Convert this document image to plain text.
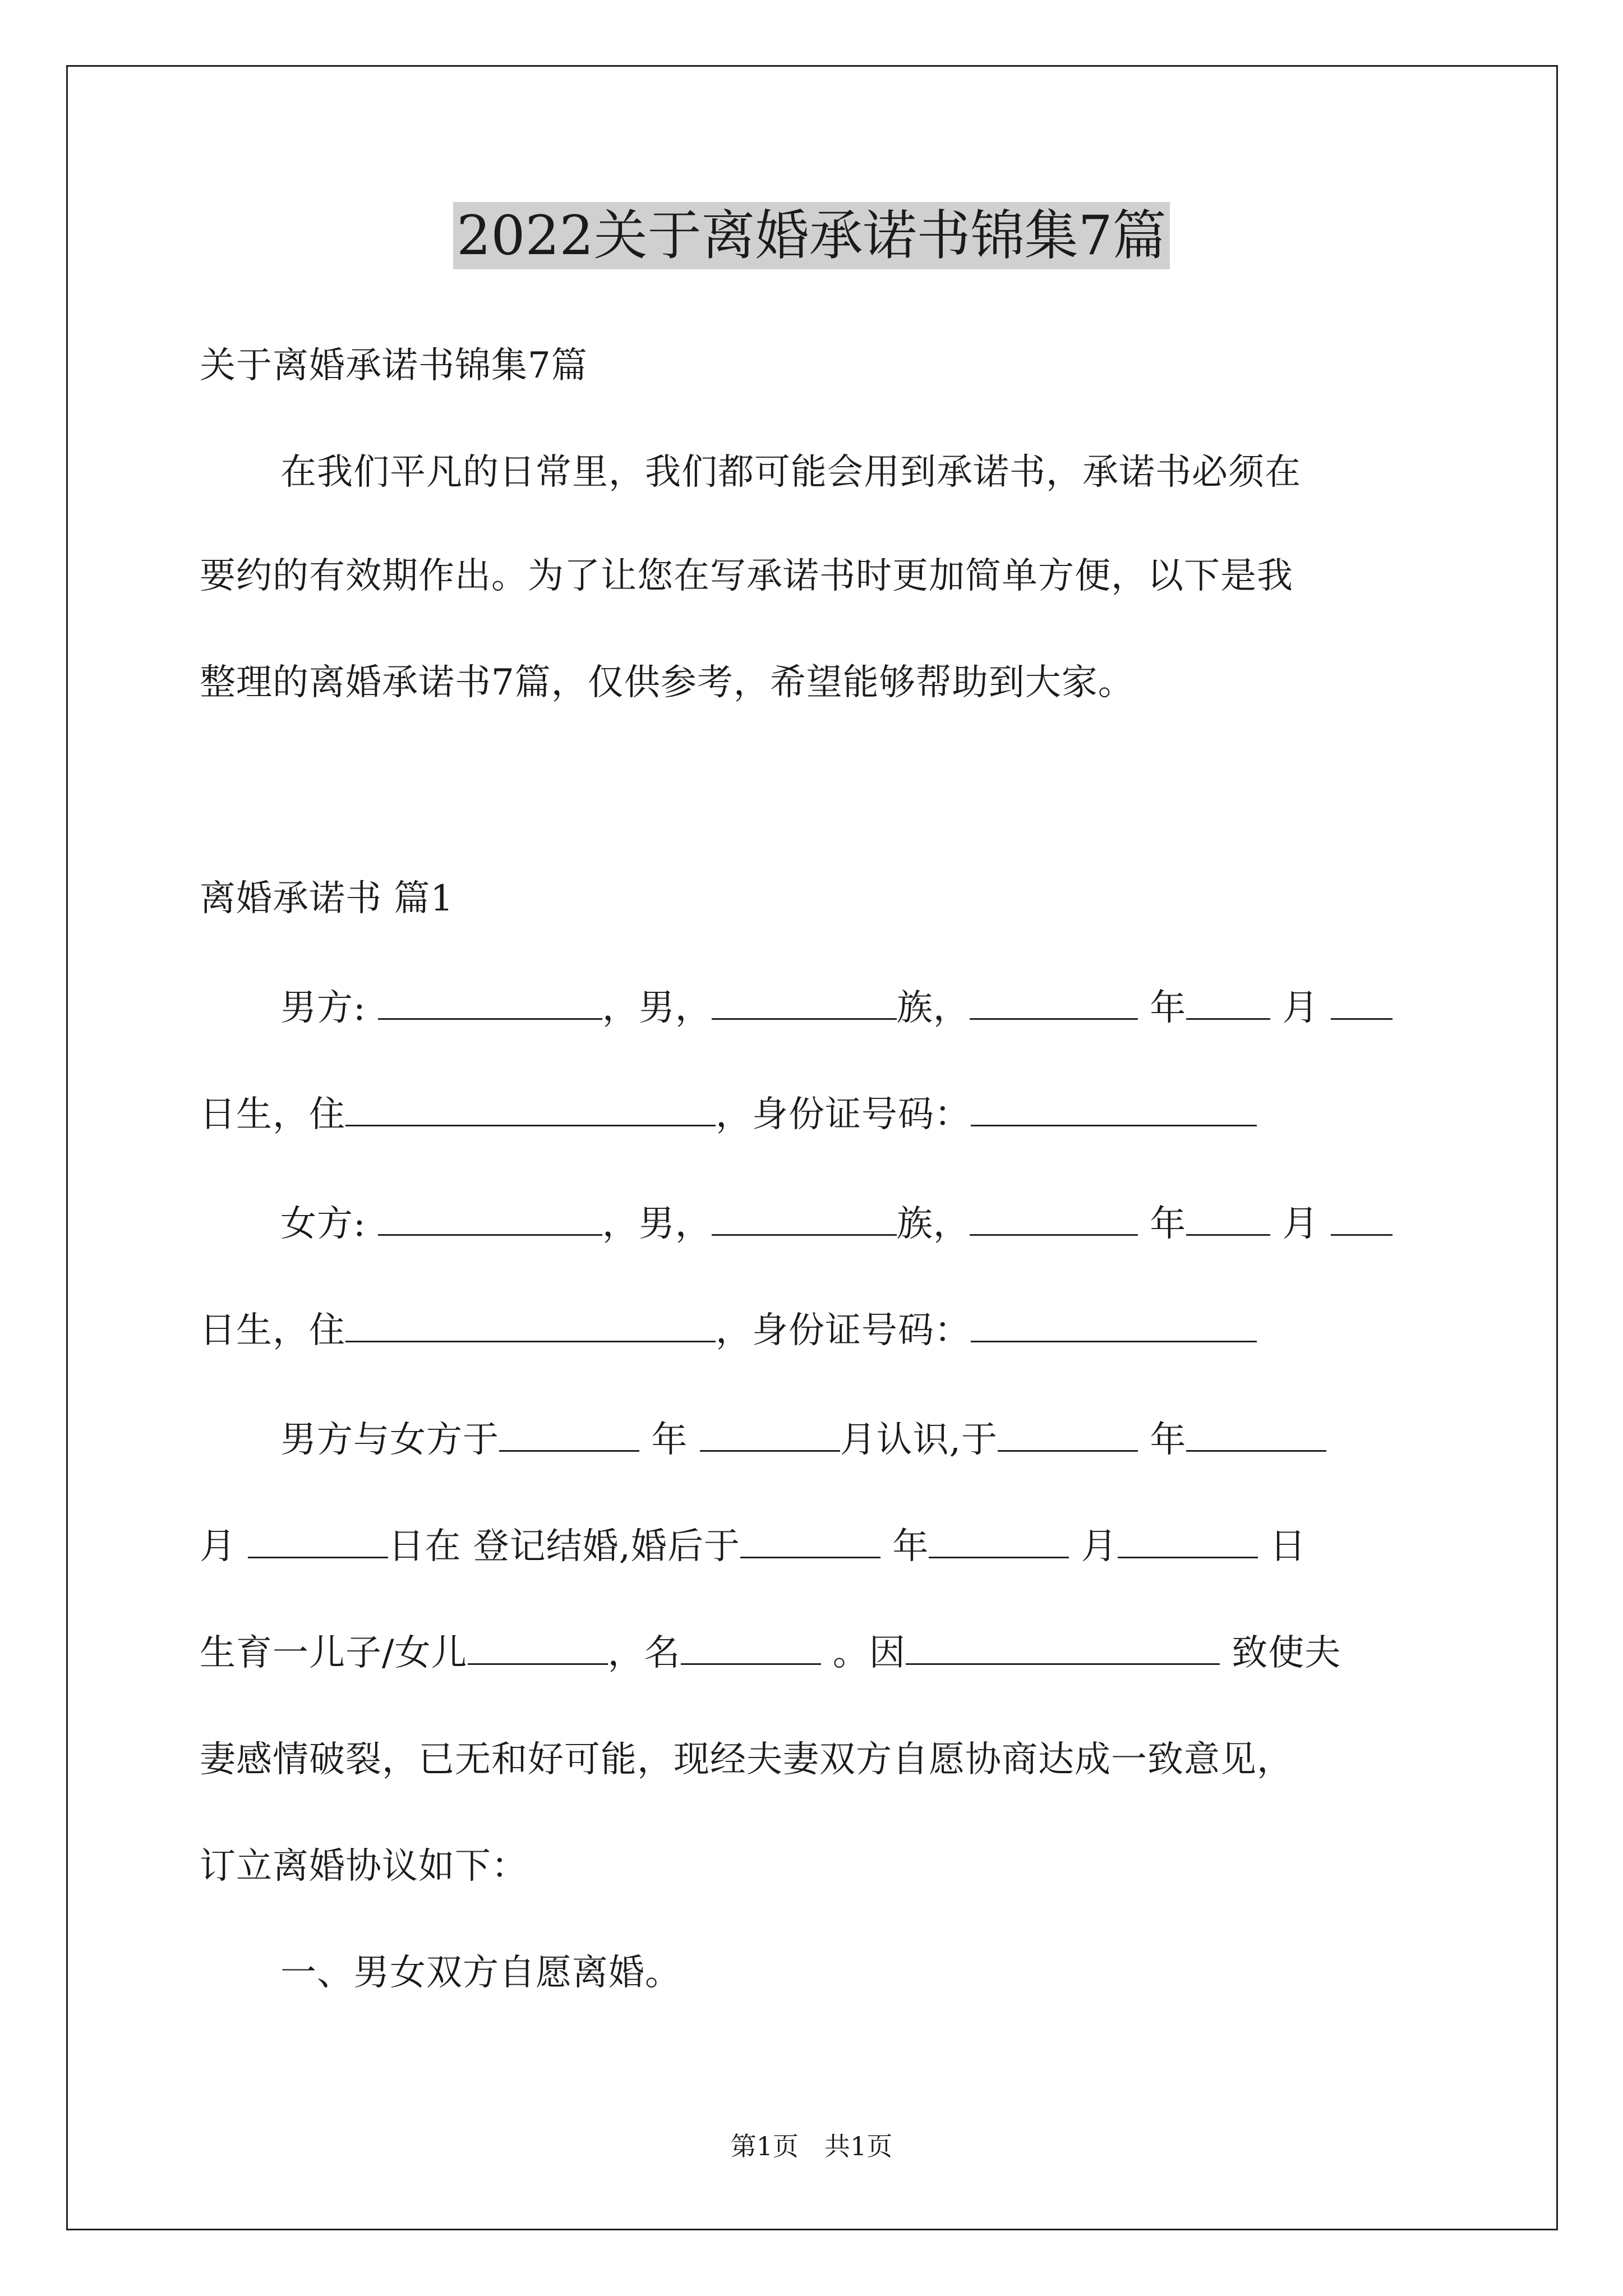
2022关于离婚承诺书锦集7篇

关于离婚承诺书锦集7篇

在我们平凡的日常里，我们都可能会用到承诺书，承诺书必须在

要约的有效期作出。为了让您在写承诺书时更加简单方便，以下是我

整理的离婚承诺书7篇，仅供参考，希望能够帮助到大家。

离婚承诺书 篇1

男方:	，男，	族，	年	月

日生，住	，身份证号码：

女方:	，男，	族，	年	月

日生，住	，身份证号码：

男方与女方于	年	月认识,于	年

月	日在 登记结婚,婚后于	年	月	日

生育一儿子/女儿	，名	。因	致使夫

妻感情破裂，已无和好可能，现经夫妻双方自愿协商达成一致意见，

订立离婚协议如下：

一、男女双方自愿离婚。

第1页　共1页
